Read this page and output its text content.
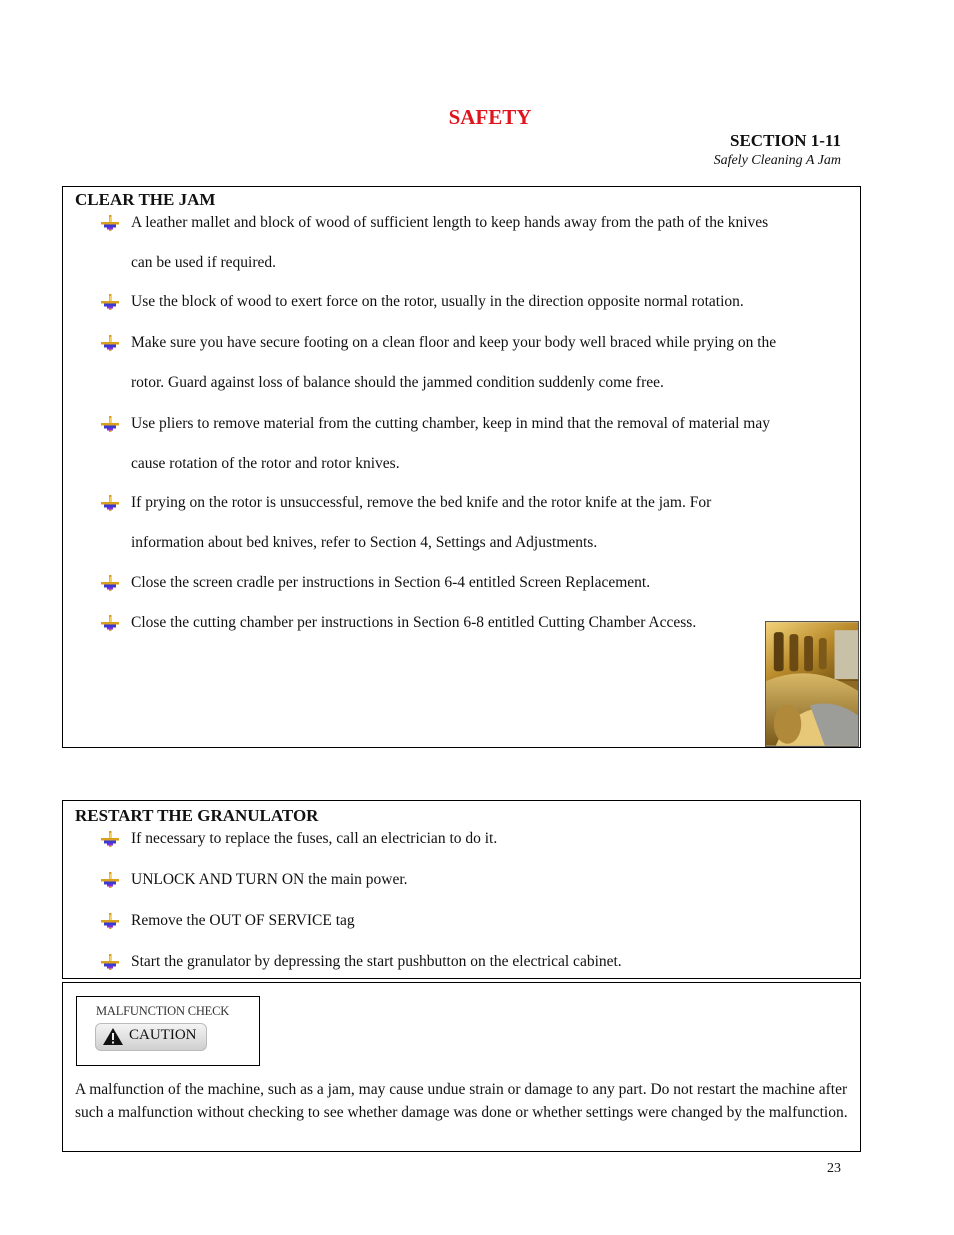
SAFETY
SECTION 1-11
Safely Cleaning A Jam
CLEAR THE JAM
A leather mallet and block of wood of sufficient length to keep hands away from the path of the knives
can be used if required.
Use the block of wood to exert force on the rotor, usually in the direction opposite normal rotation.
Make sure you have secure footing on a clean floor and keep your body well braced while prying on the
rotor. Guard against loss of balance should the jammed condition suddenly come free.
Use pliers to remove material from the cutting chamber, keep in mind that the removal of material may
cause rotation of the rotor and rotor knives.
If prying on the rotor is unsuccessful, remove the bed knife and the rotor knife at the jam. For
information about bed knives, refer to Section 4, Settings and Adjustments.
Close the screen cradle per instructions in Section 6-4 entitled Screen Replacement.
Close the cutting chamber per instructions in Section 6-8 entitled Cutting Chamber Access.
RESTART THE GRANULATOR
If necessary to replace the fuses, call an electrician to do it.
UNLOCK AND TURN ON the main power.
Remove the OUT OF SERVICE tag
Start the granulator by depressing the start pushbutton on the electrical cabinet.
MALFUNCTION CHECK
CAUTION
A malfunction of the machine, such as a jam, may cause undue strain or damage to any part. Do not restart the machine after such a malfunction without checking to see whether damage was done or whether settings were changed by the malfunction.
23
